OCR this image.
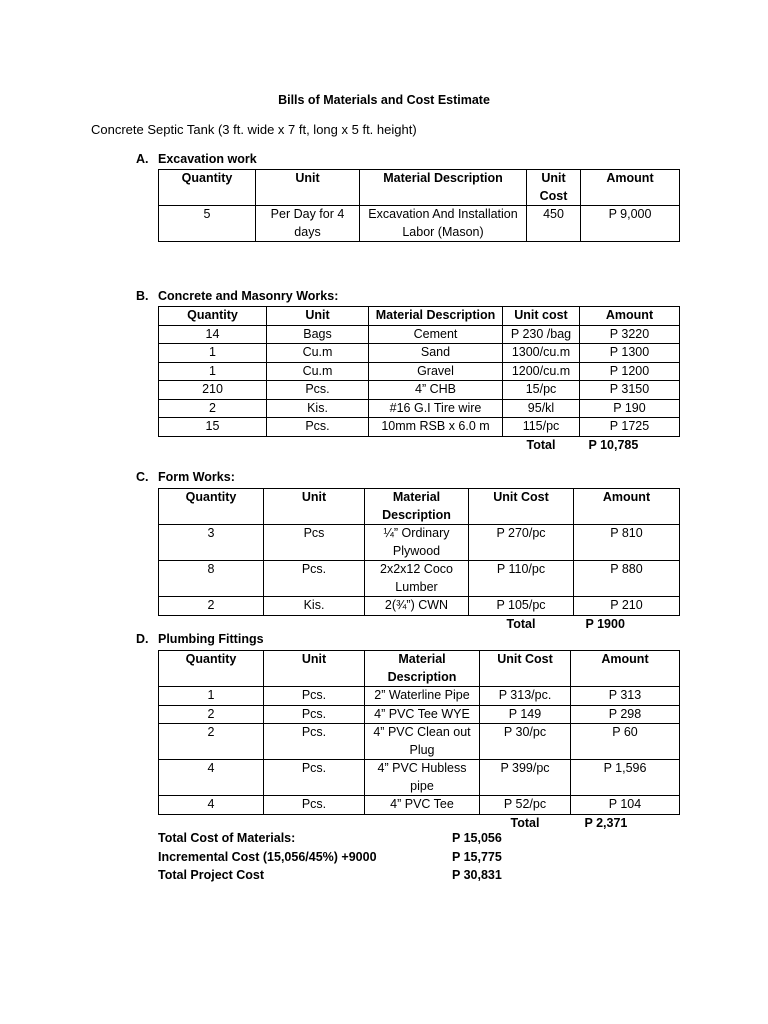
Bills of Materials and Cost Estimate
Concrete Septic Tank (3 ft. wide x 7 ft, long x 5 ft. height)
A. Excavation work
Quantity	Unit	Material Description	Unit Cost	Amount
5	Per Day for 4 days	Excavation And Installation Labor (Mason)	450	P 9,000
B. Concrete and Masonry Works:
Quantity	Unit	Material Description	Unit cost	Amount
14	Bags	Cement	P 230 /bag	P 3220
1	Cu.m	Sand	1300/cu.m	P 1300
1	Cu.m	Gravel	1200/cu.m	P 1200
210	Pcs.	4” CHB	15/pc	P 3150
2	Kis.	#16 G.I Tire wire	95/kl	P 190
15	Pcs.	10mm RSB x 6.0 m	115/pc	P 1725
			Total	P 10,785
C. Form Works:
Quantity	Unit	Material Description	Unit Cost	Amount
3	Pcs	¼” Ordinary Plywood	P 270/pc	P 810
8	Pcs.	2x2x12 Coco Lumber	P 110/pc	P 880
2	Kis.	2(¾”) CWN	P 105/pc	P 210
			Total	P 1900
D. Plumbing Fittings
Quantity	Unit	Material Description	Unit Cost	Amount
1	Pcs.	2” Waterline Pipe	P 313/pc.	P 313
2	Pcs.	4” PVC Tee WYE	P 149	P 298
2	Pcs.	4” PVC Clean out Plug	P 30/pc	P 60
4	Pcs.	4” PVC Hubless pipe	P 399/pc	P 1,596
4	Pcs.	4” PVC Tee	P 52/pc	P 104
			Total	P 2,371
Total Cost of Materials:	P 15,056
Incremental Cost (15,056/45%) +9000	P 15,775
Total Project Cost	P 30,831
